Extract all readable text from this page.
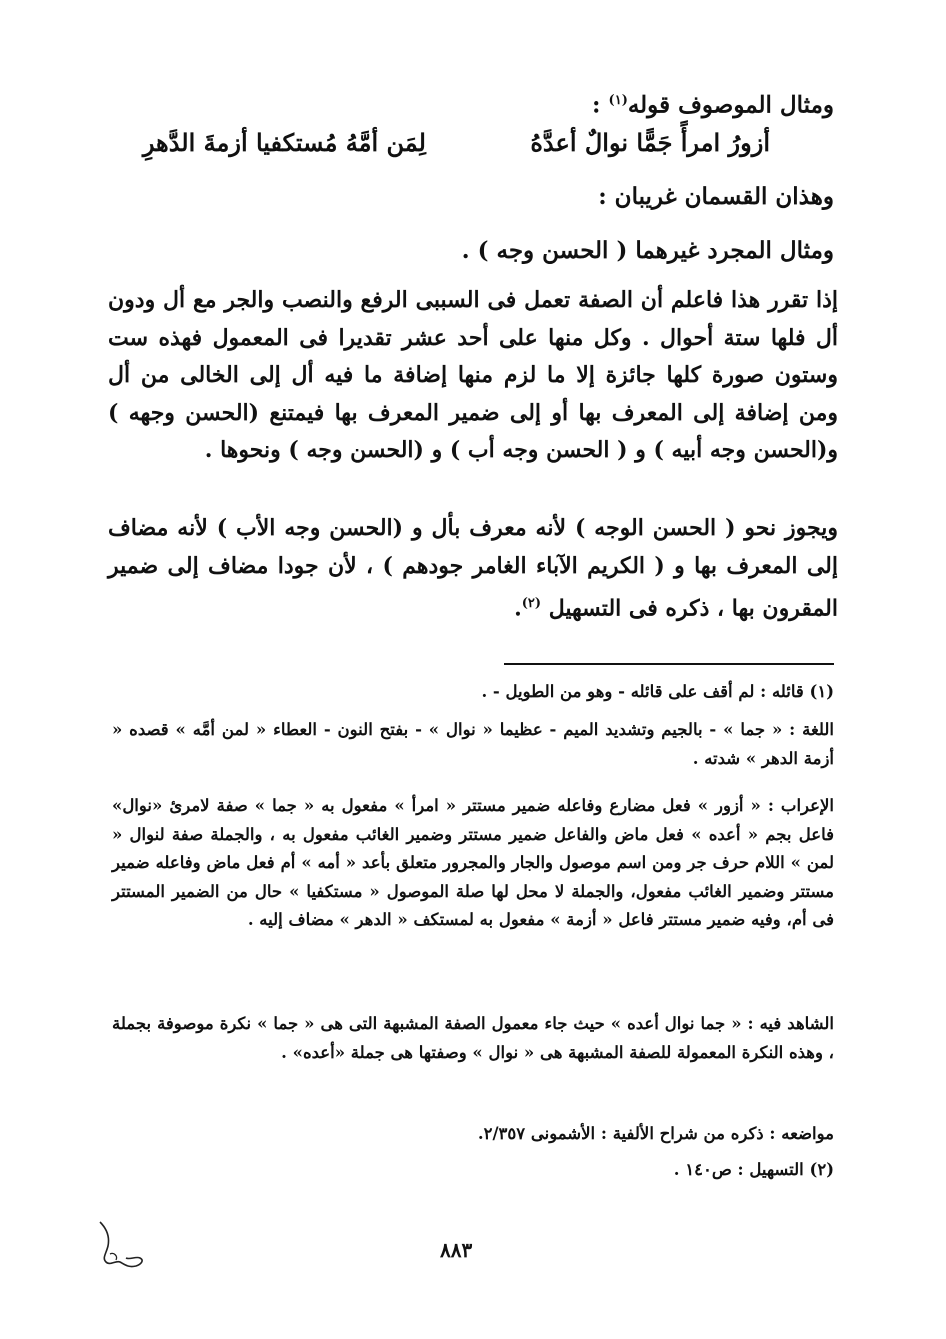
ومثال الموصوف قوله$^{(١)}$ :
أزورُ امرأً جَمًّا نوالٌ أعدَّهُ
لِمَن أمَّهُ مُستكفيا أزمةَ الدَّهرِ
وهذان القسمان غريبان :
ومثال المجرد غيرهما ( الحسن وجه ) .
إذا تقرر هذا فاعلم أن الصفة تعمل فى السببى الرفع والنصب والجر مع أل ودون أل فلها ستة أحوال . وكل منها على أحد عشر تقديرا فى المعمول فهذه ست وستون صورة كلها جائزة إلا ما لزم منها إضافة ما فيه أل إلى الخالى من أل ومن إضافة إلى المعرف بها أو إلى ضمير المعرف بها فيمتنع (الحسن وجهه ) و(الحسن وجه أبيه ) و ( الحسن وجه أب ) و (الحسن وجه ) ونحوها .
ويجوز نحو ( الحسن الوجه ) لأنه معرف بأل و (الحسن وجه الأب ) لأنه مضاف إلى المعرف بها و ( الكريم الآباء الغامر جودهم ) ، لأن جودا مضاف إلى ضمير المقرون بها ، ذكره فى التسهيل $^{(٢)}$.
(١) قائله : لم أقف على قائله - وهو من الطويل - .
اللغة : « جما » - بالجيم وتشديد الميم - عظيما « نوال » - بفتح النون - العطاء « لمن أمَّه » قصده « أزمة الدهر » شدته .
الإعراب : « أزور » فعل مضارع وفاعله ضمير مستتر « امرأ » مفعول به « جما » صفة لامرئ «نوال» فاعل بجم « أعده » فعل ماض والفاعل ضمير مستتر وضمير الغائب مفعول به ، والجملة صفة لنوال « لمن » اللام حرف جر ومن اسم موصول والجار والمجرور متعلق بأعد « أمه » أم فعل ماض وفاعله ضمير مستتر وضمير الغائب مفعول، والجملة لا محل لها صلة الموصول « مستكفيا » حال من الضمير المستتر فى أم، وفيه ضمير مستتر فاعل « أزمة » مفعول به لمستكف « الدهر » مضاف إليه .
الشاهد فيه : « جما نوال أعده » حيث جاء معمول الصفة المشبهة التى هى « جما » نكرة موصوفة بجملة ، وهذه النكرة المعمولة للصفة المشبهة هى « نوال » وصفتها هى جملة «أعده» .
مواضعه : ذكره من شراح الألفية : الأشمونى ٢/٣٥٧.
(٢) التسهيل : ص١٤٠ .
٨٨٣
